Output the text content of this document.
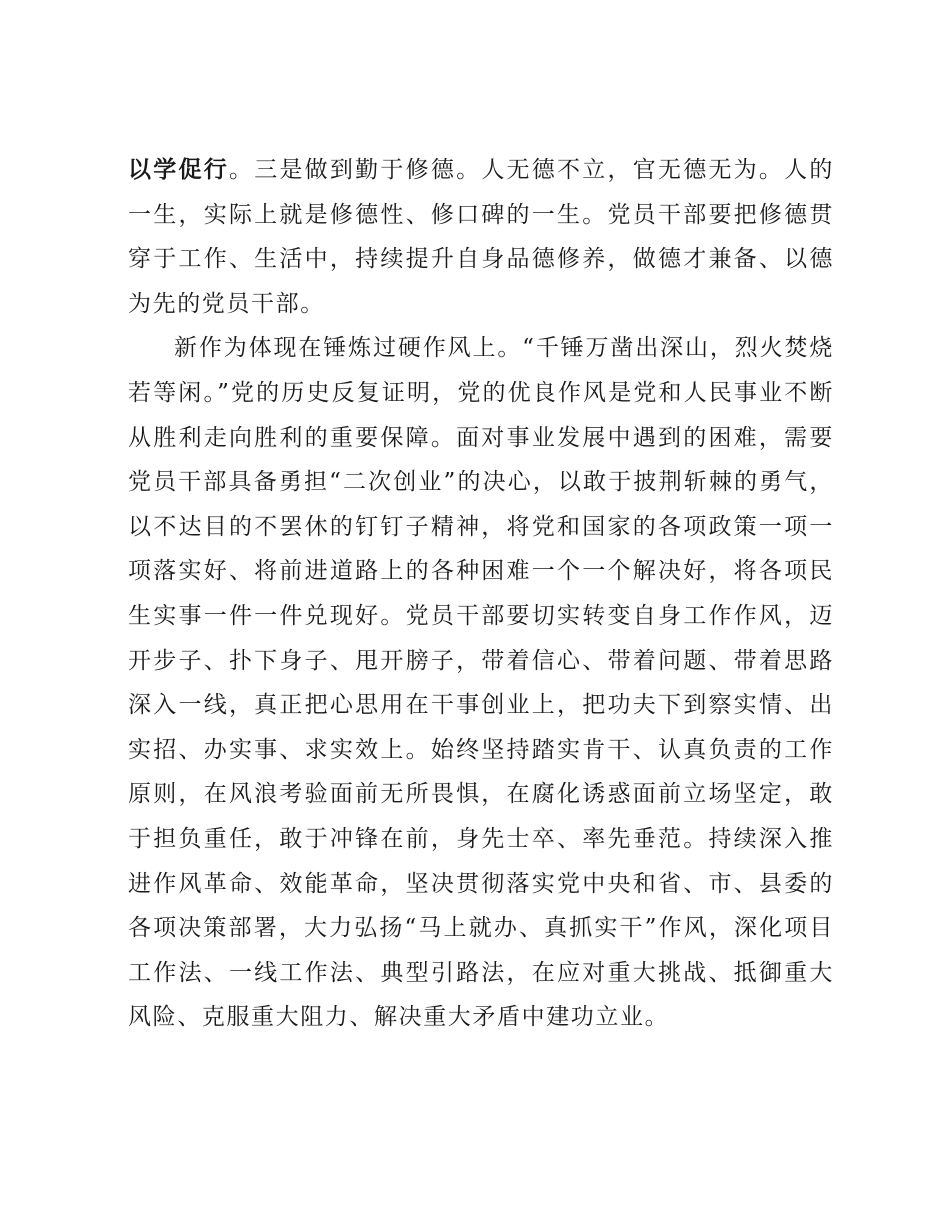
以学促行。三是做到勤于修德。人无德不立，官无德无为。人的一生，实际上就是修德性、修口碑的一生。党员干部要把修德贯穿于工作、生活中，持续提升自身品德修养，做德才兼备、以德为先的党员干部。

新作为体现在锤炼过硬作风上。“千锤万凿出深山，烈火焚烧若等闲。”党的历史反复证明，党的优良作风是党和人民事业不断从胜利走向胜利的重要保障。面对事业发展中遇到的困难，需要党员干部具备勇担“二次创业”的决心，以敢于披荆斩棘的勇气，以不达目的不罢休的钉钉子精神，将党和国家的各项政策一项一项落实好、将前进道路上的各种困难一个一个解决好，将各项民生实事一件一件兑现好。党员干部要切实转变自身工作作风，迈开步子、扑下身子、甩开膀子，带着信心、带着问题、带着思路深入一线，真正把心思用在干事创业上，把功夫下到察实情、出实招、办实事、求实效上。始终坚持踏实肯干、认真负责的工作原则，在风浪考验面前无所畏惧，在腐化诱惑面前立场坚定，敢于担负重任，敢于冲锋在前，身先士卒、率先垂范。持续深入推进作风革命、效能革命，坚决贯彻落实党中央和省、市、县委的各项决策部署，大力弘扬“马上就办、真抓实干”作风，深化项目工作法、一线工作法、典型引路法，在应对重大挑战、抵御重大风险、克服重大阻力、解决重大矛盾中建功立业。
